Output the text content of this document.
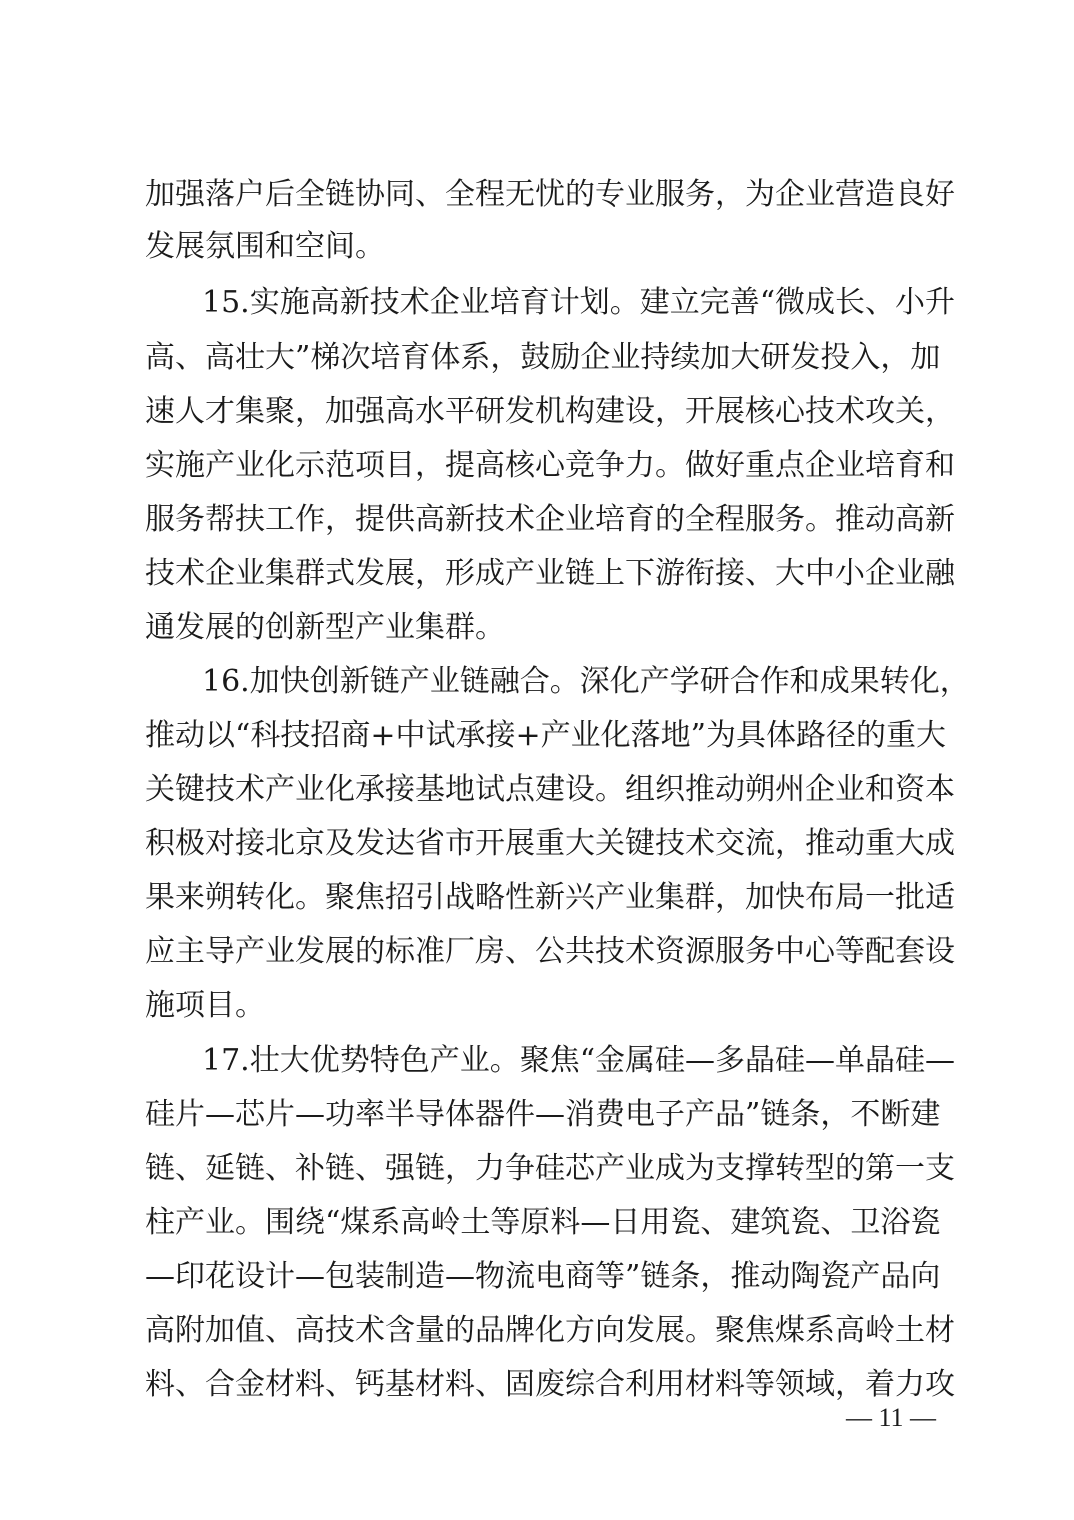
加强落户后全链协同、全程无忧的专业服务，为企业营造良好
发展氛围和空间。
15.实施高新技术企业培育计划。建立完善“微成长、小升
高、高壮大”梯次培育体系，鼓励企业持续加大研发投入，加
速人才集聚，加强高水平研发机构建设，开展核心技术攻关，
实施产业化示范项目，提高核心竞争力。做好重点企业培育和
服务帮扶工作，提供高新技术企业培育的全程服务。推动高新
技术企业集群式发展，形成产业链上下游衔接、大中小企业融
通发展的创新型产业集群。
16.加快创新链产业链融合。深化产学研合作和成果转化，
推动以“科技招商+中试承接+产业化落地”为具体路径的重大
关键技术产业化承接基地试点建设。组织推动朔州企业和资本
积极对接北京及发达省市开展重大关键技术交流，推动重大成
果来朔转化。聚焦招引战略性新兴产业集群，加快布局一批适
应主导产业发展的标准厂房、公共技术资源服务中心等配套设
施项目。
17.壮大优势特色产业。聚焦“金属硅—多晶硅—单晶硅—
硅片—芯片—功率半导体器件—消费电子产品”链条，不断建
链、延链、补链、强链，力争硅芯产业成为支撑转型的第一支
柱产业。围绕“煤系高岭土等原料—日用瓷、建筑瓷、卫浴瓷
—印花设计—包装制造—物流电商等”链条，推动陶瓷产品向
高附加值、高技术含量的品牌化方向发展。聚焦煤系高岭土材
料、合金材料、钙基材料、固废综合利用材料等领域，着力攻
— 11 —
